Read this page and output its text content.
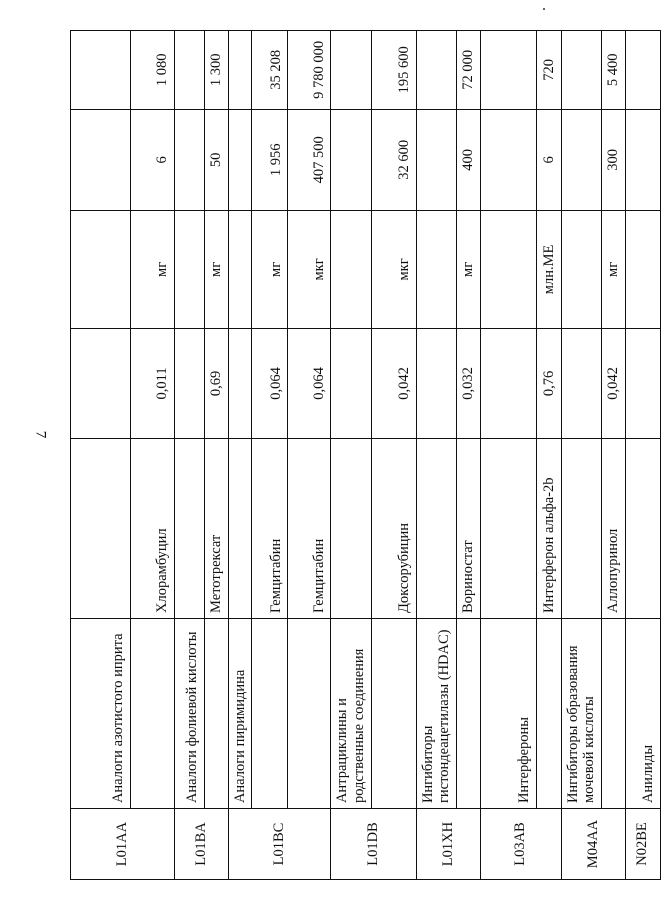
7
L01AA	Аналоги азотистого иприта					
		Хлорамбуцил	0,011	мг	6	1 080
L01BA	Аналоги фолиевой кислоты					
		Метотрексат	0,69	мг	50	1 300
L01BC	Аналоги пиримидина					
		Гемцитабин	0,064	мг	1 956	35 208
		Гемцитабин	0,064	мкг	407 500	9 780 000
L01DB	Антрациклины и родственные соединения					
		Доксорубицин	0,042	мкг	32 600	195 600
L01XH	Ингибиторы гистондеацетилазы (HDAC)					
		Вориностат	0,032	мг	400	72 000
L03AB	Интерфероны					
		Интерферон альфа-2b	0,76	млн.МЕ	6	720
M04AA	Ингибиторы образования мочевой кислоты					
		Аллопуринол	0,042	мг	300	5 400
N02BE	Анилиды					
